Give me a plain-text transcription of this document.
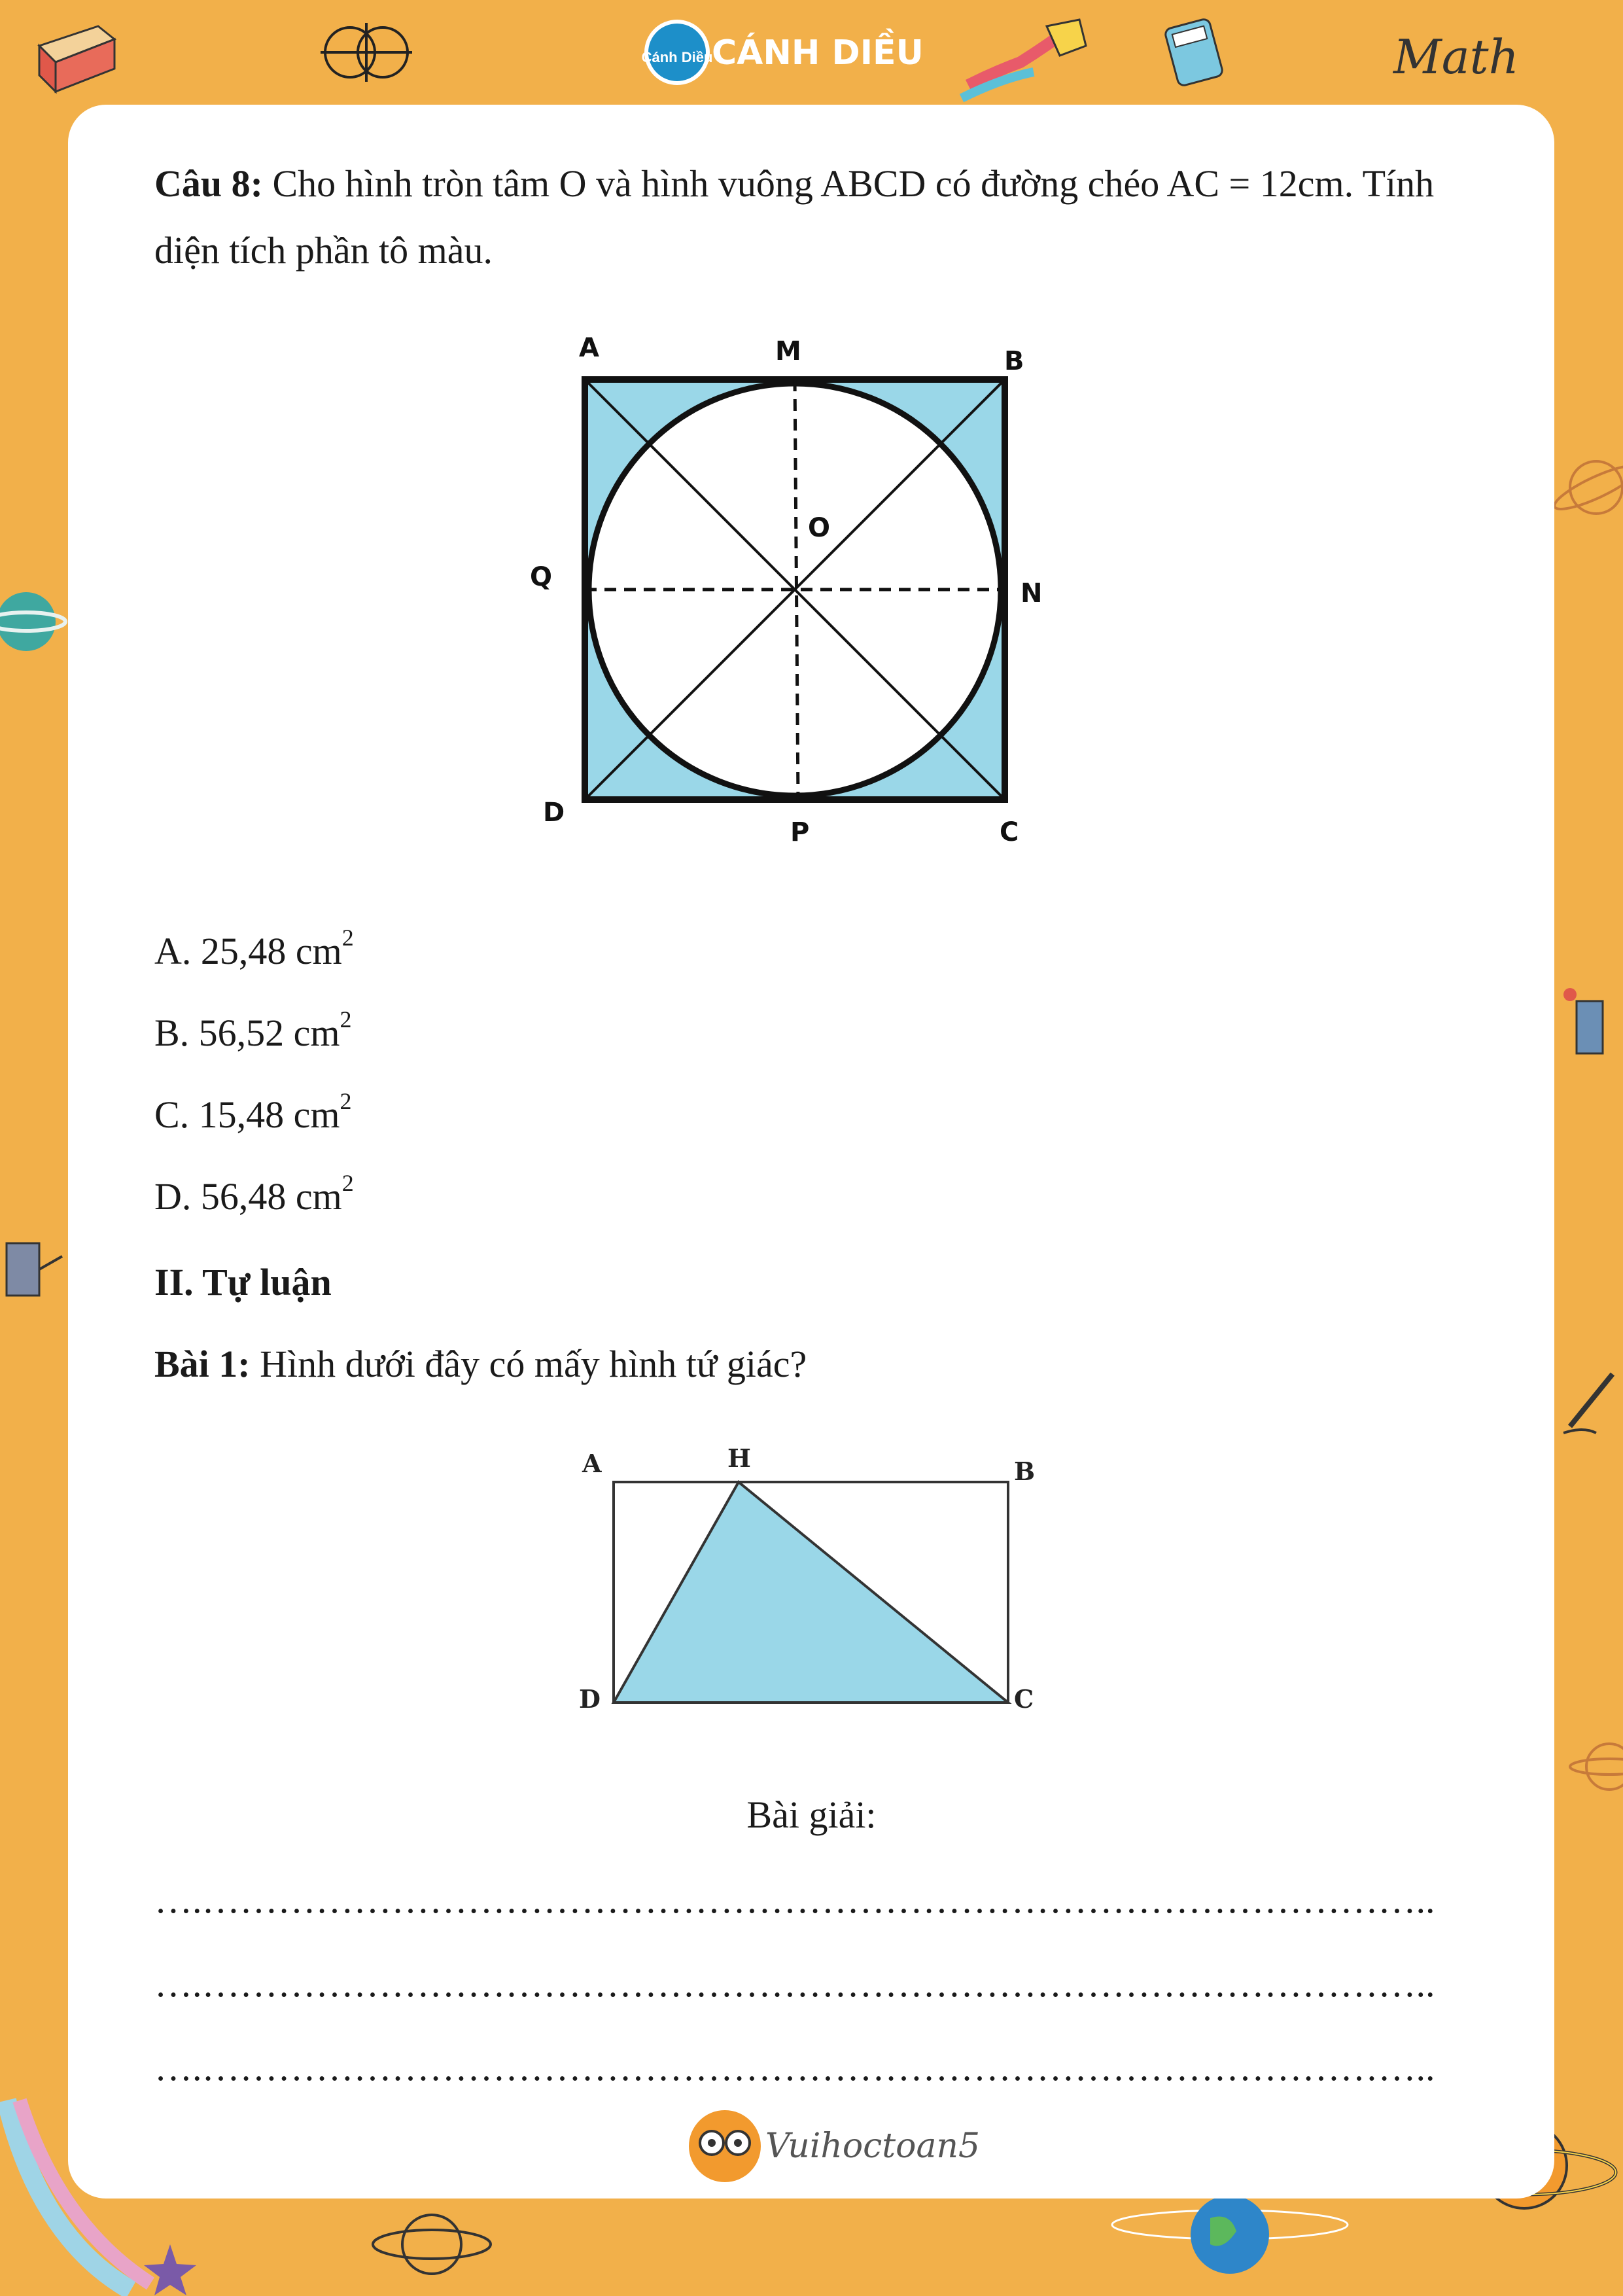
Cánh Diều
CÁNH DIỀU	Math
Câu 8: Cho hình tròn tâm O và hình vuông ABCD có đường chéo AC = 12cm. Tính diện tích phần tô màu.
A	M	B
O
Q
N
D
P	C
A. 25,48 $cm^2$
B. 56,52 $cm^2$
C. 15,48 $cm^2$
D. 56,48 $cm^2$
II. Tự luận
Bài 1: Hình dưới đây có mấy hình tứ giác?
A	H	B
D	C
Bài giải:
….……………………………………………………………………………………..
….……………………………………………………………………………………..
….……………………………………………………………………………………..
Vuihoctoan5
